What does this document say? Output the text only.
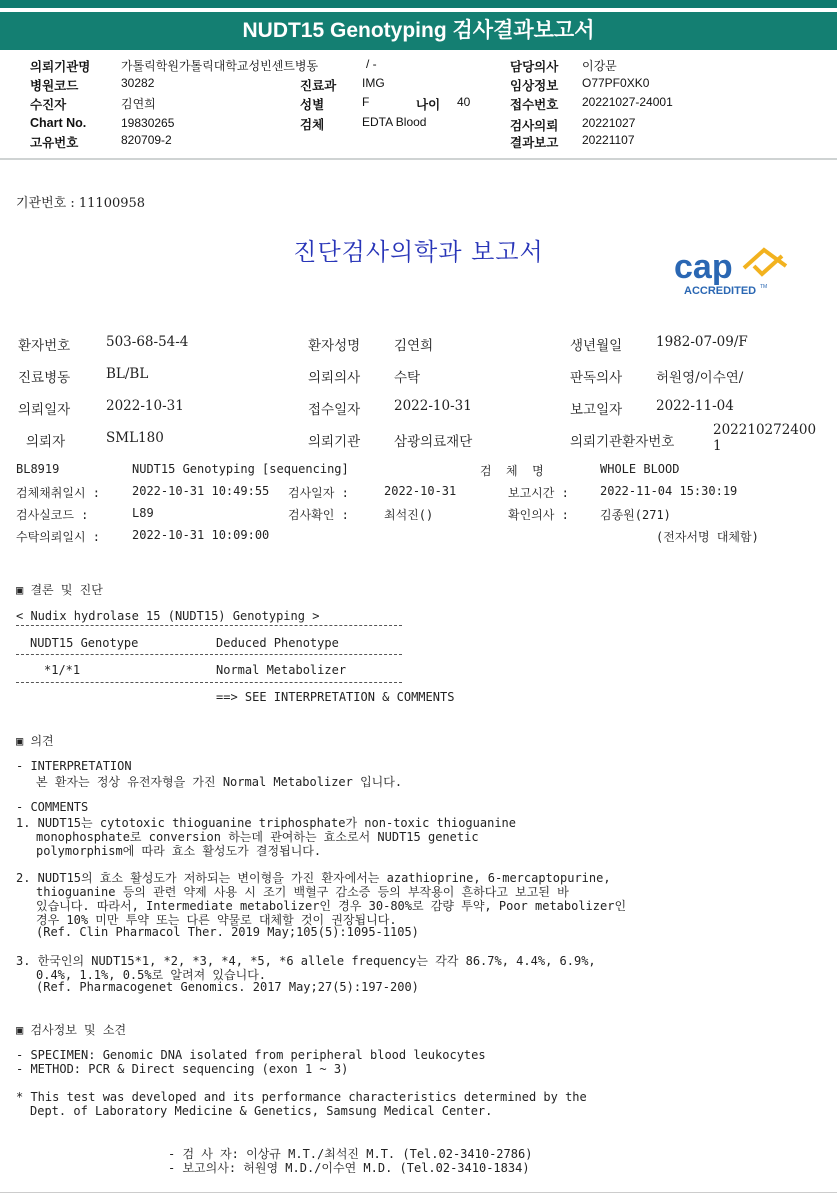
NUDT15 Genotyping 검사결과보고서
의뢰기관명	가톨릭학원가톨릭대학교성빈센트병동	/ -	담당의사 이강문
병원코드	30282	진료과 IMG	임상정보 O77PF0XK0
수진자	김연희	성별	F	나이 40	접수번호 20221027-24001
Chart No.	19830265	검체	EDTA Blood	검사의뢰 20221027
고유번호	820709-2	결과보고 20221107
기관번호 : 11100958
진단검사의학과 보고서	cap
ACCREDITED TM
환자번호	503-68-54-4	환자성명	김연희	생년월일	1982-07-09/F
진료병동	BL/BL	의뢰의사	수탁	판독의사	허원영/이수연/
의뢰일자	2022-10-31	접수일자	2022-10-31	보고일자	2022-11-04
의뢰자	SML180	의뢰기관	삼광의료재단	의뢰기관환자번호
202210272400
1
BL8919	NUDT15 Genotyping [sequencing]	검  체  명	WHOLE BLOOD
검체채취일시 :	2022-10-31 10:49:55 검사일자 :	2022-10-31	보고시간 :	2022-11-04 15:30:19
검사실코드 :	L89	검사확인 :	최석진()	확인의사 :	김종원(271)
수탁의뢰일시 :	2022-10-31 10:09:00	(전자서명 대체함)
▣ 결론 및 진단
< Nudix hydrolase 15 (NUDT15) Genotyping >
NUDT15 Genotype	Deduced Phenotype
*1/*1	Normal Metabolizer
==> SEE INTERPRETATION & COMMENTS
▣ 의견
- INTERPRETATION
본 환자는 정상 유전자형을 가진 Normal Metabolizer 입니다.
- COMMENTS
1. NUDT15는 cytotoxic thioguanine triphosphate가 non-toxic thioguanine
monophosphate로 conversion 하는데 관여하는 효소로서 NUDT15 genetic
polymorphism에 따라 효소 활성도가 결정됩니다.
2. NUDT15의 효소 활성도가 저하되는 변이형을 가진 환자에서는 azathioprine, 6-mercaptopurine,
thioguanine 등의 관련 약제 사용 시 조기 백혈구 감소증 등의 부작용이 흔하다고 보고된 바
있습니다. 따라서, Intermediate metabolizer인 경우 30-80%로 감량 투약, Poor metabolizer인
경우 10% 미만 투약 또는 다른 약물로 대체할 것이 권장됩니다.
(Ref. Clin Pharmacol Ther. 2019 May;105(5):1095-1105)
3. 한국인의 NUDT15*1, *2, *3, *4, *5, *6 allele frequency는 각각 86.7%, 4.4%, 6.9%,
0.4%, 1.1%, 0.5%로 알려져 있습니다.
(Ref. Pharmacogenet Genomics. 2017 May;27(5):197-200)
▣ 검사정보 및 소견
- SPECIMEN: Genomic DNA isolated from peripheral blood leukocytes
- METHOD: PCR & Direct sequencing (exon 1 ~ 3)
* This test was developed and its performance characteristics determined by the
Dept. of Laboratory Medicine & Genetics, Samsung Medical Center.
- 검 사 자: 이상규 M.T./최석진 M.T. (Tel.02-3410-2786)
- 보고의사: 허원영 M.D./이수연 M.D. (Tel.02-3410-1834)
